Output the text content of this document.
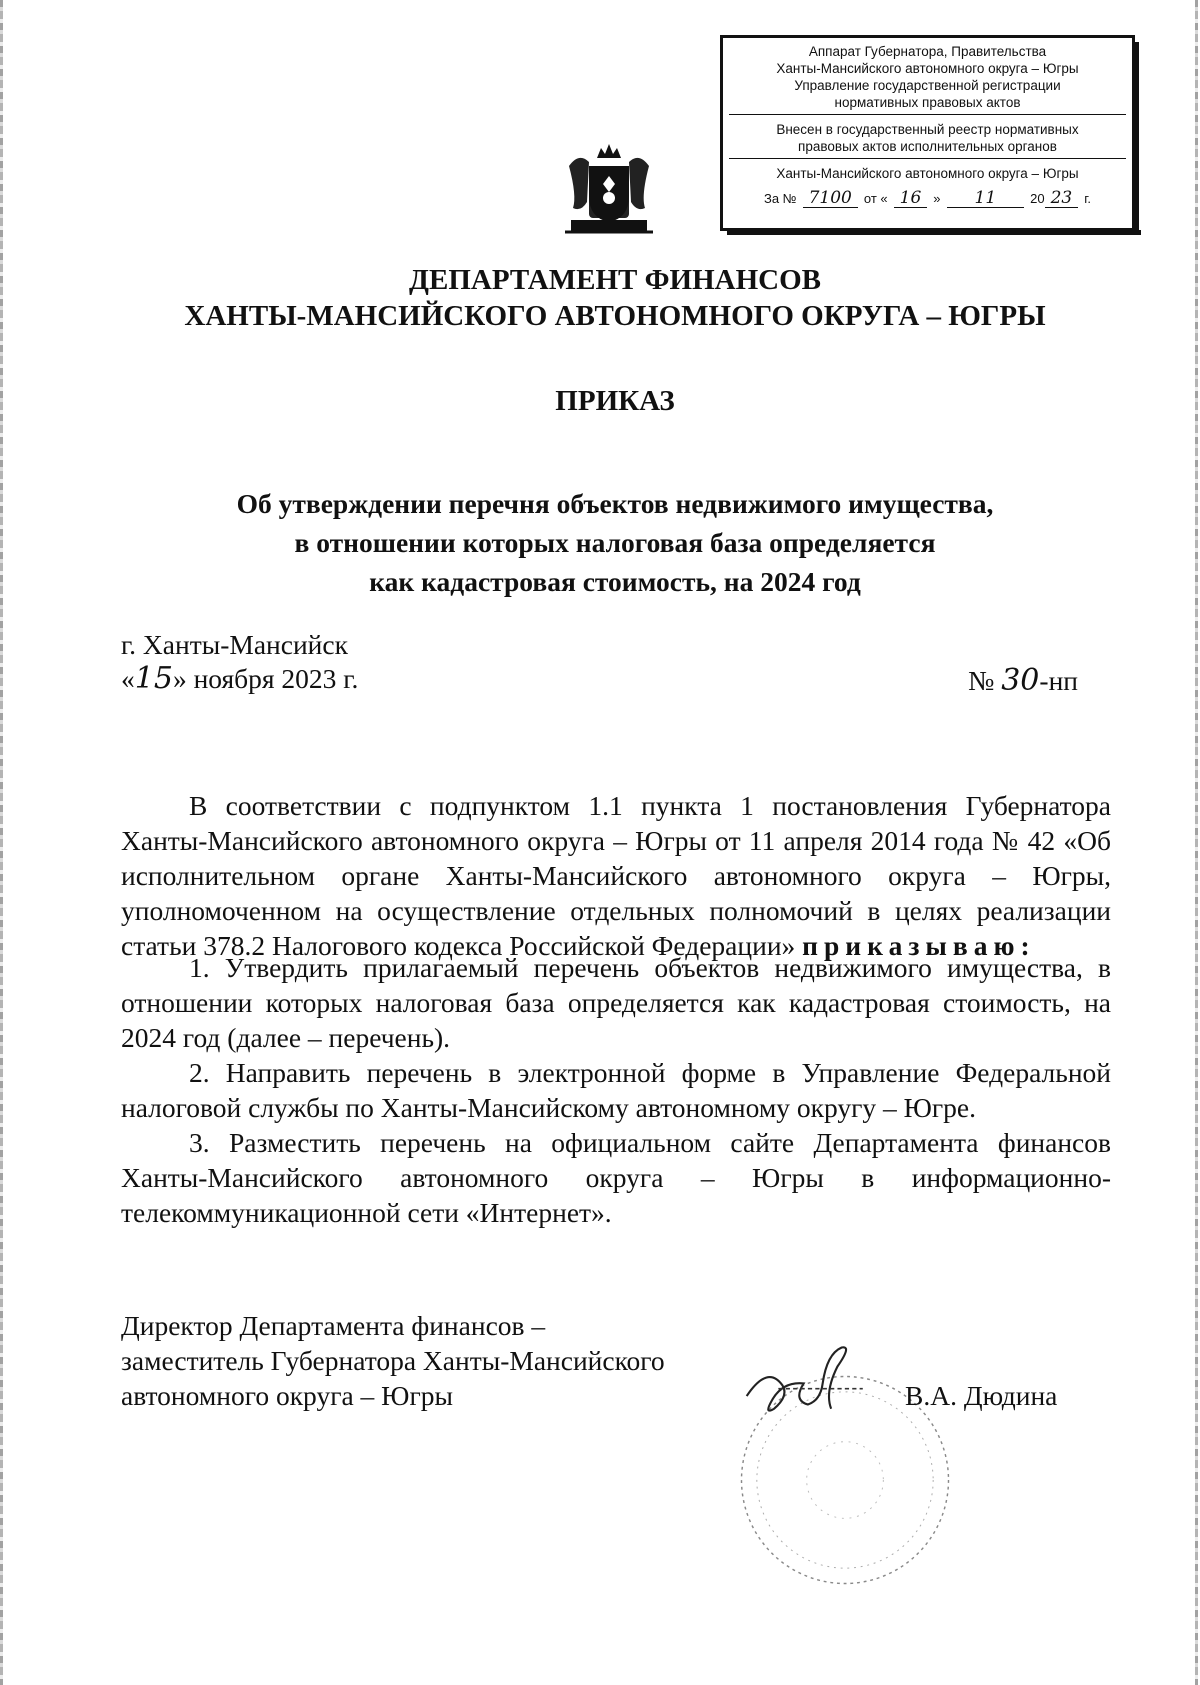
Аппарат Губернатора, Правительства
Ханты-Мансийского автономного округа – Югры
Управление государственной регистрации
нормативных правовых актов
Внесен в государственный реестр нормативных
правовых актов исполнительных органов
Ханты-Мансийского автономного округа – Югры
За № 7100 от « 16 »	11	20 23 г.
ДЕПАРТАМЕНТ ФИНАНСОВ
ХАНТЫ-МАНСИЙСКОГО АВТОНОМНОГО ОКРУГА – ЮГРЫ
ПРИКАЗ
Об утверждении перечня объектов недвижимого имущества,
в отношении которых налоговая база определяется
как кадастровая стоимость, на 2024 год
г. Ханты-Мансийск
«15» ноября 2023 г.	№ 30-нп

В соответствии с подпунктом 1.1 пункта 1 постановления Губернатора Ханты-Мансийского автономного округа – Югры от 11 апреля 2014 года № 42 «Об исполнительном органе Ханты-Мансийского автономного округа – Югры, уполномоченном на осуществление отдельных полномочий в целях реализации статьи 378.2 Налогового кодекса Российской Федерации» приказываю:

1. Утвердить прилагаемый перечень объектов недвижимого имущества, в отношении которых налоговая база определяется как кадастровая стоимость, на 2024 год (далее – перечень).

2. Направить перечень в электронной форме в Управление Федеральной налоговой службы по Ханты-Мансийскому автономному округу – Югре.

3. Разместить перечень на официальном сайте Департамента финансов Ханты-Мансийского автономного округа – Югры в информационно-телекоммуникационной сети «Интернет».

Директор Департамента финансов –
заместитель Губернатора Ханты-Мансийского
автономного округа – Югры	В.А. Дюдина
